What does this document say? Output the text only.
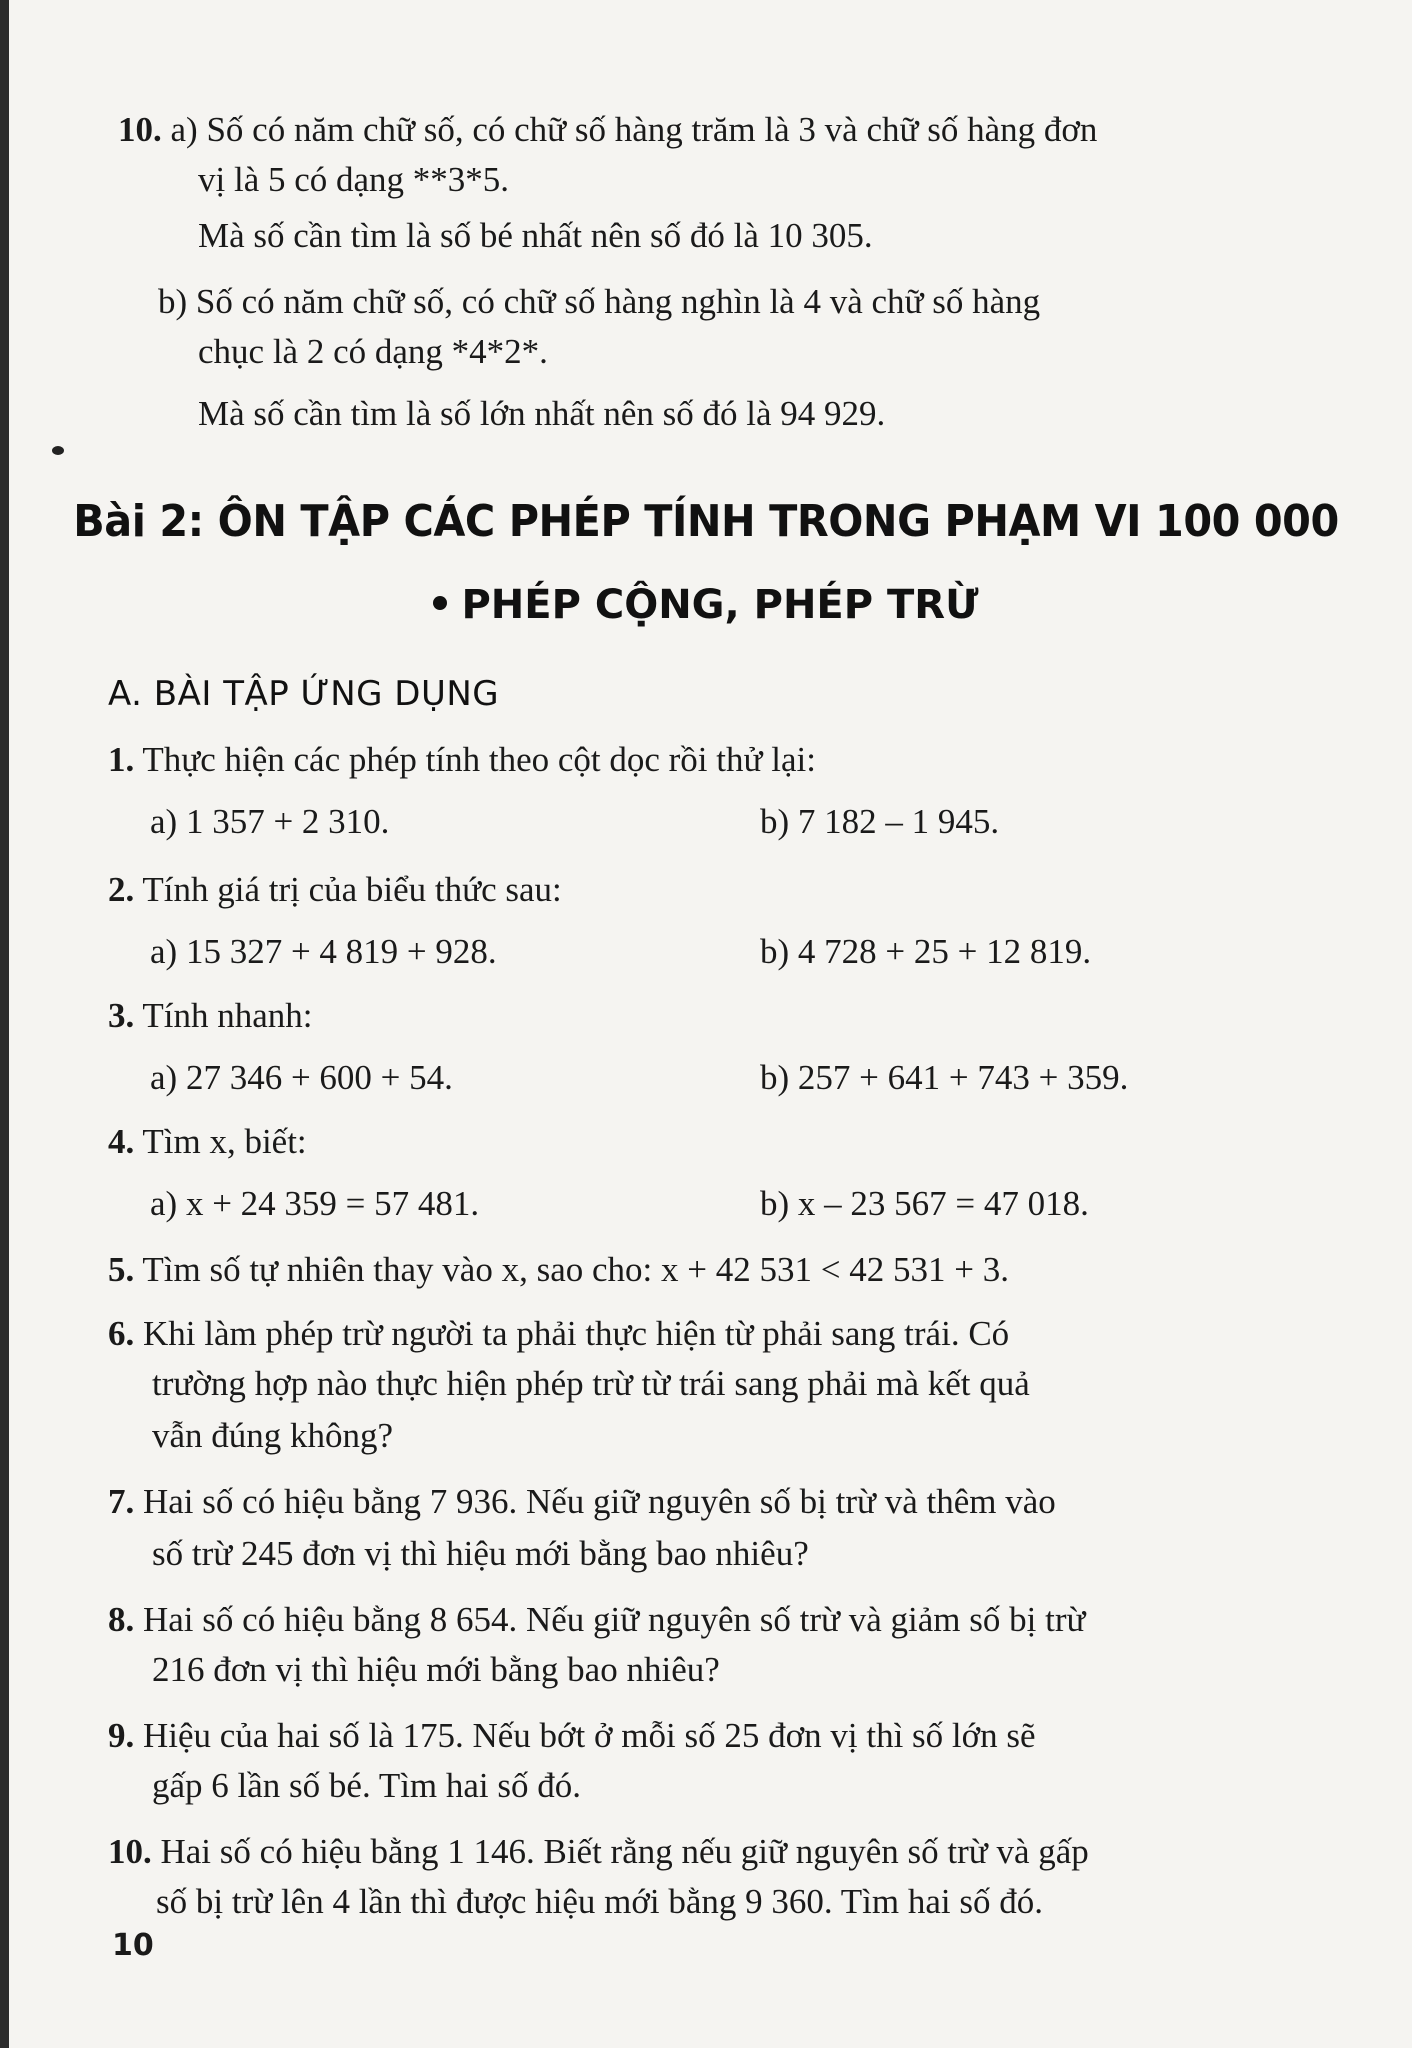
10. a) Số có năm chữ số, có chữ số hàng trăm là 3 và chữ số hàng đơn
vị là 5 có dạng **3*5.
Mà số cần tìm là số bé nhất nên số đó là 10 305.
b) Số có năm chữ số, có chữ số hàng nghìn là 4 và chữ số hàng
chục là 2 có dạng *4*2*.
Mà số cần tìm là số lớn nhất nên số đó là 94 929.
Bài 2: ÔN TẬP CÁC PHÉP TÍNH TRONG PHẠM VI 100 000
PHÉP CỘNG, PHÉP TRỪ
A. BÀI TẬP ỨNG DỤNG
1. Thực hiện các phép tính theo cột dọc rồi thử lại:
a) 1 357 + 2 310.	b) 7 182 – 1 945.
2. Tính giá trị của biểu thức sau:
a) 15 327 + 4 819 + 928.	b) 4 728 + 25 + 12 819.
3. Tính nhanh:
a) 27 346 + 600 + 54.	b) 257 + 641 + 743 + 359.
4. Tìm x, biết:
a) x + 24 359 = 57 481.	b) x – 23 567 = 47 018.
5. Tìm số tự nhiên thay vào x, sao cho: x + 42 531 < 42 531 + 3.
6. Khi làm phép trừ người ta phải thực hiện từ phải sang trái. Có
trường hợp nào thực hiện phép trừ từ trái sang phải mà kết quả
vẫn đúng không?
7. Hai số có hiệu bằng 7 936. Nếu giữ nguyên số bị trừ và thêm vào
số trừ 245 đơn vị thì hiệu mới bằng bao nhiêu?
8. Hai số có hiệu bằng 8 654. Nếu giữ nguyên số trừ và giảm số bị trừ
216 đơn vị thì hiệu mới bằng bao nhiêu?
9. Hiệu của hai số là 175. Nếu bớt ở mỗi số 25 đơn vị thì số lớn sẽ
gấp 6 lần số bé. Tìm hai số đó.
10. Hai số có hiệu bằng 1 146. Biết rằng nếu giữ nguyên số trừ và gấp
số bị trừ lên 4 lần thì được hiệu mới bằng 9 360. Tìm hai số đó.
10
